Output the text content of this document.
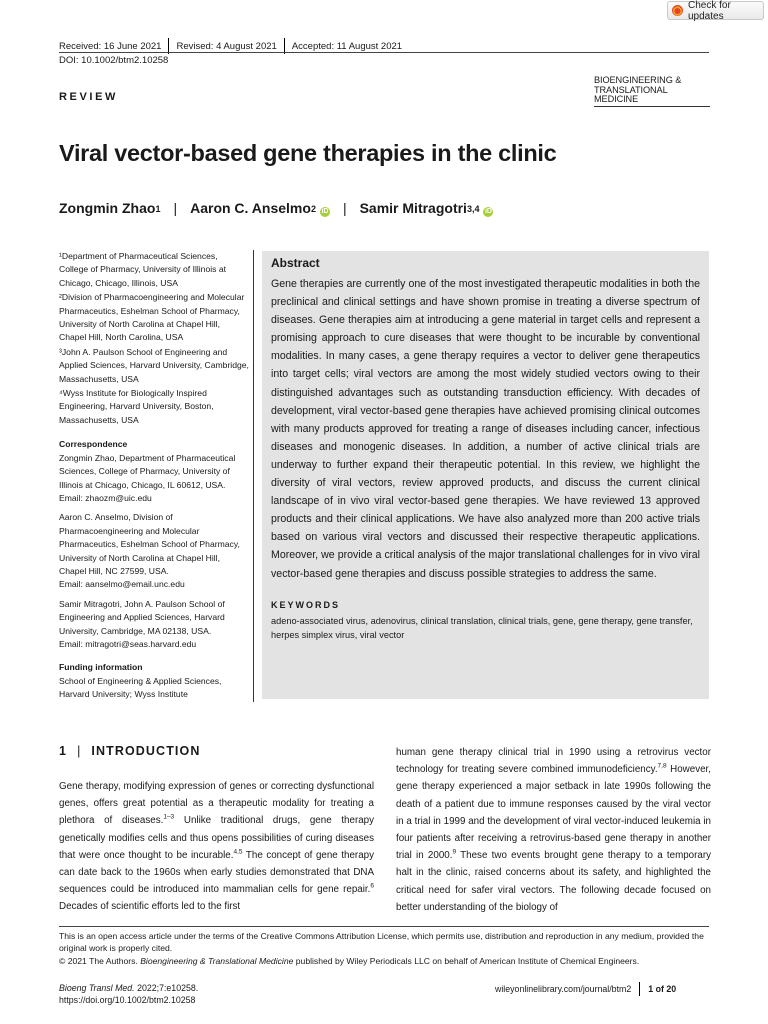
Check for updates
Received: 16 June 2021 Revised: 4 August 2021 Accepted: 11 August 2021
DOI: 10.1002/btm2.10258
REVIEW
BIOENGINEERING &
TRANSLATIONAL MEDICINE
Viral vector-based gene therapies in the clinic
Zongmin Zhao$^1$ | Aaron C. Anselmo$^2$ iD | Samir Mitragotri$^{3,4}$ iD

¹Department of Pharmaceutical Sciences, College of Pharmacy, University of Illinois at Chicago, Chicago, Illinois, USA

²Division of Pharmacoengineering and Molecular Pharmaceutics, Eshelman School of Pharmacy, University of North Carolina at Chapel Hill, Chapel Hill, North Carolina, USA

³John A. Paulson School of Engineering and Applied Sciences, Harvard University, Cambridge, Massachusetts, USA

⁴Wyss Institute for Biologically Inspired Engineering, Harvard University, Boston, Massachusetts, USA

Correspondence

Zongmin Zhao, Department of Pharmaceutical Sciences, College of Pharmacy, University of Illinois at Chicago, Chicago, IL 60612, USA.

Email: zhaozm@uic.edu

Aaron C. Anselmo, Division of Pharmacoengineering and Molecular Pharmaceutics, Eshelman School of Pharmacy, University of North Carolina at Chapel Hill, Chapel Hill, NC 27599, USA.

Email: aanselmo@email.unc.edu

Samir Mitragotri, John A. Paulson School of Engineering and Applied Sciences, Harvard University, Cambridge, MA 02138, USA.

Email: mitragotri@seas.harvard.edu

Funding information

School of Engineering & Applied Sciences, Harvard University; Wyss Institute

Abstract

Gene therapies are currently one of the most investigated therapeutic modalities in both the preclinical and clinical settings and have shown promise in treating a diverse spectrum of diseases. Gene therapies aim at introducing a gene material in target cells and represent a promising approach to cure diseases that were thought to be incurable by conventional modalities. In many cases, a gene therapy requires a vector to deliver gene therapeutics into target cells; viral vectors are among the most widely studied vectors owing to their distinguished advantages such as outstanding transduction efficiency. With decades of development, viral vector-based gene therapies have achieved promising clinical outcomes with many products approved for treating a range of diseases including cancer, infectious diseases and monogenic diseases. In addition, a number of active clinical trials are underway to further expand their therapeutic potential. In this review, we highlight the diversity of viral vectors, review approved products, and discuss the current clinical landscape of in vivo viral vector-based gene therapies. We have reviewed 13 approved products and their clinical applications. We have also analyzed more than 200 active trials based on various viral vectors and discussed their respective therapeutic applications. Moreover, we provide a critical analysis of the major translational challenges for in vivo viral vector-based gene therapies and discuss possible strategies to address the same.

KEYWORDS

adeno-associated virus, adenovirus, clinical translation, clinical trials, gene, gene therapy, gene transfer, herpes simplex virus, viral vector

1 | INTRODUCTION

Gene therapy, modifying expression of genes or correcting dysfunctional genes, offers great potential as a therapeutic modality for treating a plethora of diseases.$^{1-3}$ Unlike traditional drugs, gene therapy genetically modifies cells and thus opens possibilities of curing diseases that were once thought to be incurable.$^{4,5}$ The concept of gene therapy can date back to the 1960s when early studies demonstrated that DNA sequences could be introduced into mammalian cells for gene repair.$^6$ Decades of scientific efforts led to the first

human gene therapy clinical trial in 1990 using a retrovirus vector technology for treating severe combined immunodeficiency.$^{7,8}$ However, gene therapy experienced a major setback in late 1990s following the death of a patient due to immune responses caused by the viral vector in a trial in 1999 and the development of viral vector-induced leukemia in four patients after receiving a retrovirus-based gene therapy in another trial in 2000.$^9$ These two events brought gene therapy to a temporary halt in the clinic, raised concerns about its safety, and highlighted the critical need for safer viral vectors. The following decade focused on better understanding of the biology of

This is an open access article under the terms of the Creative Commons Attribution License, which permits use, distribution and reproduction in any medium, provided the original work is properly cited.

© 2021 The Authors. Bioengineering & Translational Medicine published by Wiley Periodicals LLC on behalf of American Institute of Chemical Engineers.

Bioeng Transl Med. 2022;7:e10258.
https://doi.org/10.1002/btm2.10258
wileyonlinelibrary.com/journal/btm2 1 of 20
